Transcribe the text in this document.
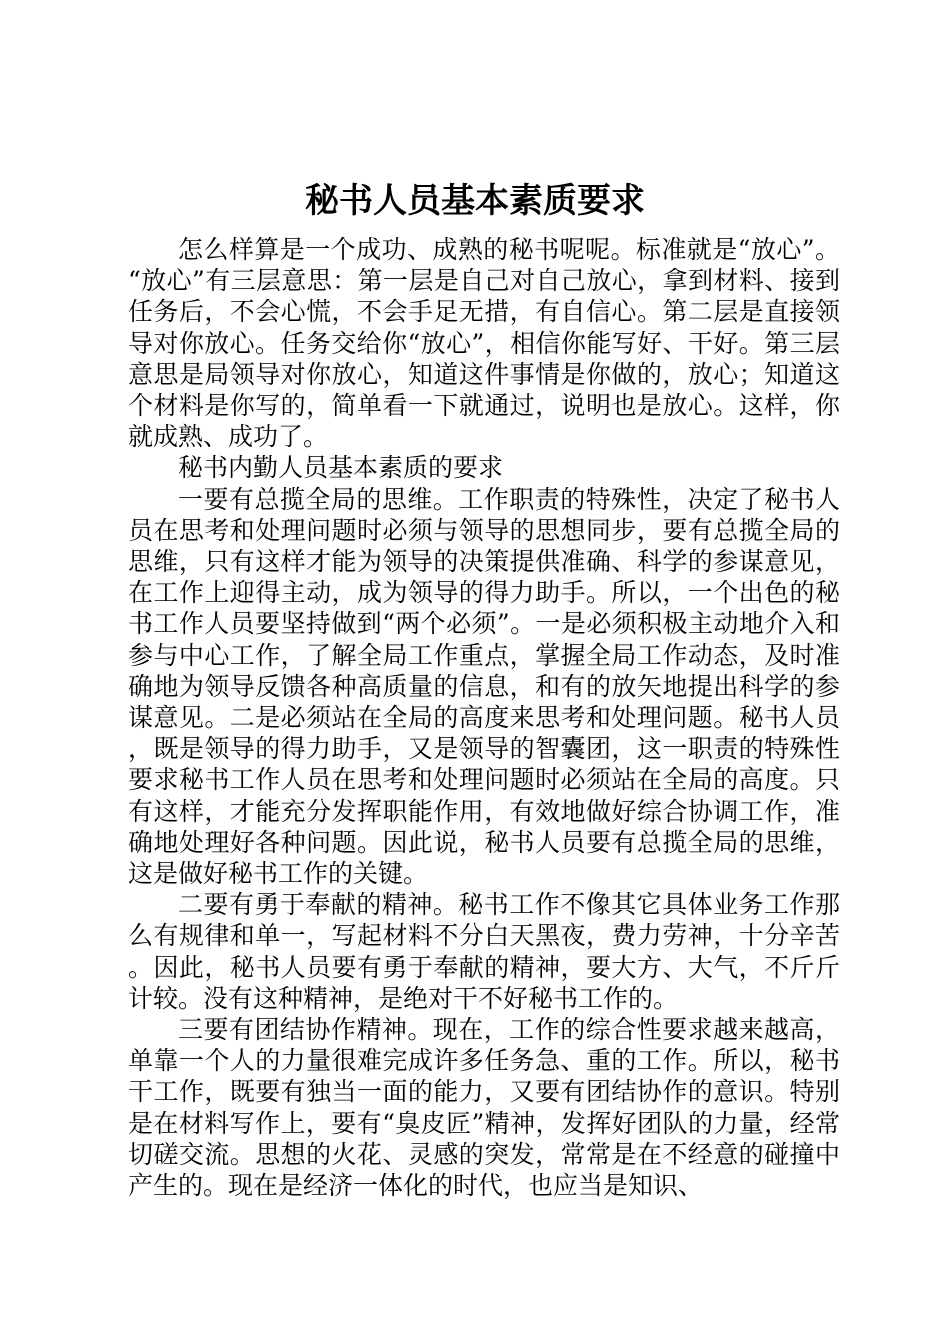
秘书人员基本素质要求

怎么样算是一个成功、成熟的秘书呢呢。标准就是“放心”。“放心”有三层意思：第一层是自己对自己放心，拿到材料、接到任务后，不会心慌，不会手足无措，有自信心。第二层是直接领导对你放心。任务交给你“放心”，相信你能写好、干好。第三层意思是局领导对你放心，知道这件事情是你做的，放心；知道这个材料是你写的，简单看一下就通过，说明也是放心。这样，你就成熟、成功了。

秘书内勤人员基本素质的要求

一要有总揽全局的思维。工作职责的特殊性，决定了秘书人员在思考和处理问题时必须与领导的思想同步，要有总揽全局的思维，只有这样才能为领导的决策提供准确、科学的参谋意见，在工作上迎得主动，成为领导的得力助手。所以，一个出色的秘书工作人员要坚持做到“两个必须”。一是必须积极主动地介入和参与中心工作，了解全局工作重点，掌握全局工作动态，及时准确地为领导反馈各种高质量的信息，和有的放矢地提出科学的参谋意见。二是必须站在全局的高度来思考和处理问题。秘书人员，既是领导的得力助手，又是领导的智囊团，这一职责的特殊性要求秘书工作人员在思考和处理问题时必须站在全局的高度。只有这样，才能充分发挥职能作用，有效地做好综合协调工作，准确地处理好各种问题。因此说，秘书人员要有总揽全局的思维，这是做好秘书工作的关键。

二要有勇于奉献的精神。秘书工作不像其它具体业务工作那么有规律和单一，写起材料不分白天黑夜，费力劳神，十分辛苦。因此，秘书人员要有勇于奉献的精神，要大方、大气，不斤斤计较。没有这种精神，是绝对干不好秘书工作的。

三要有团结协作精神。现在，工作的综合性要求越来越高，单靠一个人的力量很难完成许多任务急、重的工作。所以，秘书干工作，既要有独当一面的能力，又要有团结协作的意识。特别是在材料写作上，要有“臭皮匠”精神，发挥好团队的力量，经常切磋交流。思想的火花、灵感的突发，常常是在不经意的碰撞中产生的。现在是经济一体化的时代，也应当是知识、
